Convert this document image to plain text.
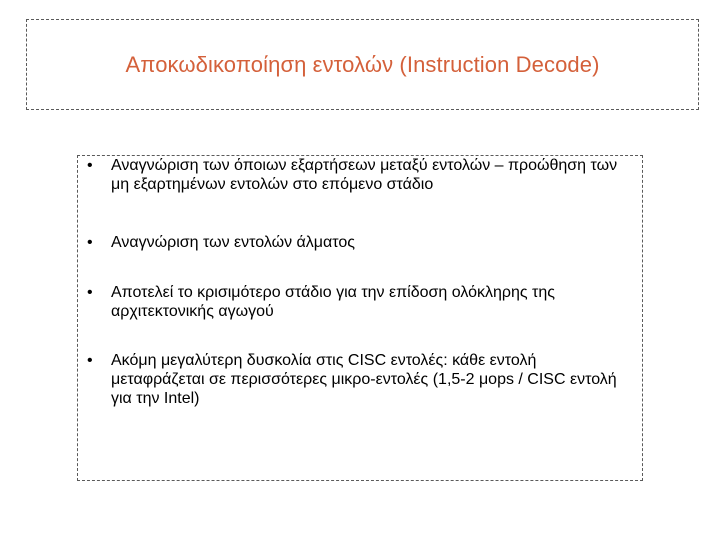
Αποκωδικοποίηση εντολών (Instruction Decode)
•	Αναγνώριση των όποιων εξαρτήσεων μεταξύ εντολών – προώθηση των μη εξαρτημένων εντολών στο επόμενο στάδιο
•	Αναγνώριση των εντολών άλματος
•	Αποτελεί το κρισιμότερο στάδιο για την επίδοση ολόκληρης της αρχιτεκτονικής αγωγού
•	Ακόμη μεγαλύτερη δυσκολία στις CISC εντολές: κάθε εντολή μεταφράζεται σε περισσότερες μικρο-εντολές (1,5-2 μops / CISC εντολή για την Intel)
